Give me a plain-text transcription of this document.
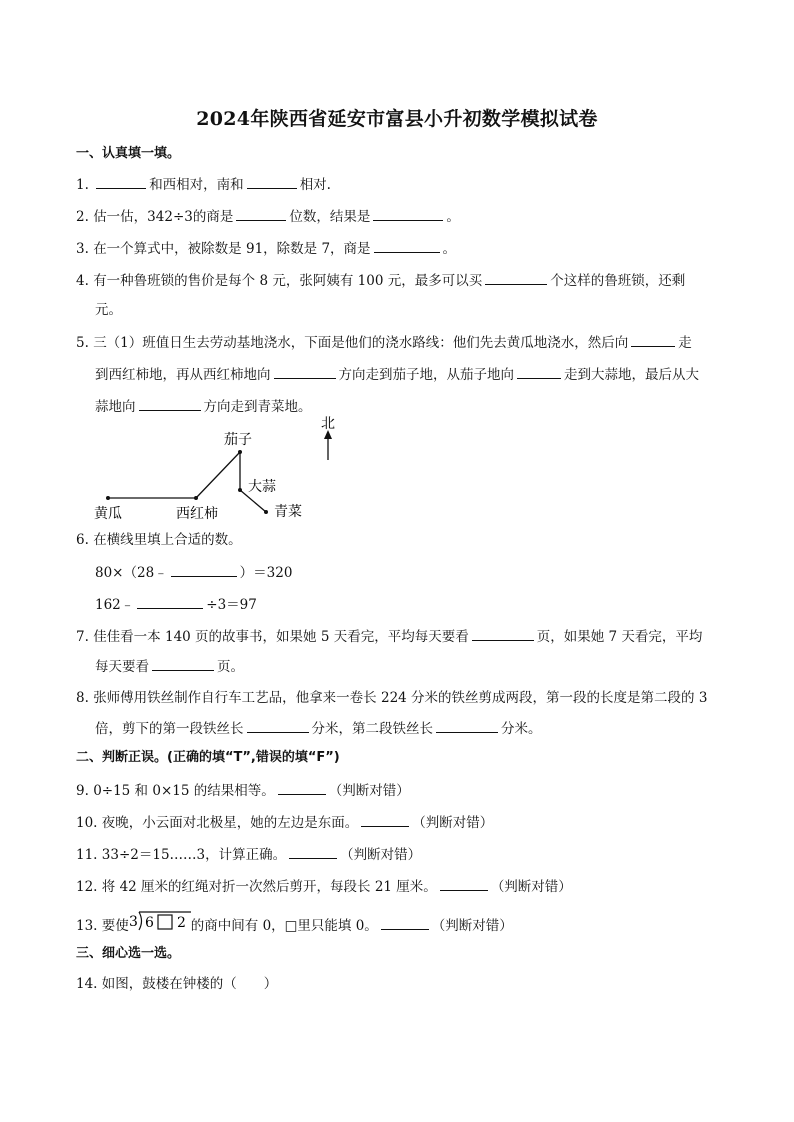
2024年陕西省延安市富县小升初数学模拟试卷
一、认真填一填。
1.	和西相对，南和	相对.
2. 估一估，342÷3的商是	位数，结果是	。
3. 在一个算式中，被除数是 91，除数是 7，商是	。
4. 有一种鲁班锁的售价是每个 8 元，张阿姨有 100 元，最多可以买	个这样的鲁班锁，还剩
元。
5. 三（1）班值日生去劳动基地浇水，下面是他们的浇水路线：他们先去黄瓜地浇水，然后向	走
到西红柿地，再从西红柿地向	方向走到茄子地，从茄子地向	走到大蒜地，最后从大
蒜地向	方向走到青菜地。
北
茄子
大蒜
黄瓜	西红柿	青菜
6. 在横线里填上合适的数。
80×（28﹣	）＝320
162﹣	÷3＝97
7. 佳佳看一本 140 页的故事书，如果她 5 天看完，平均每天要看	页，如果她 7 天看完，平均
每天要看	页。
8. 张师傅用铁丝制作自行车工艺品，他拿来一卷长 224 分米的铁丝剪成两段，第一段的长度是第二段的 3
倍，剪下的第一段铁丝长	分米，第二段铁丝长	分米。
二、判断正误。(正确的填“T”,错误的填“F”)
9. 0÷15 和 0×15 的结果相等。	（判断对错）
10. 夜晚，小云面对北极星，她的左边是东面。	（判断对错）
11. 33÷2＝15……3，计算正确。	（判断对错）
12. 将 42 厘米的红绳对折一次然后剪开，每段长 21 厘米。	（判断对错）
13. 要使 3 6 2 的商中间有 0，□里只能填 0。	（判断对错）
三、细心选一选。
14. 如图，鼓楼在钟楼的（　　）
